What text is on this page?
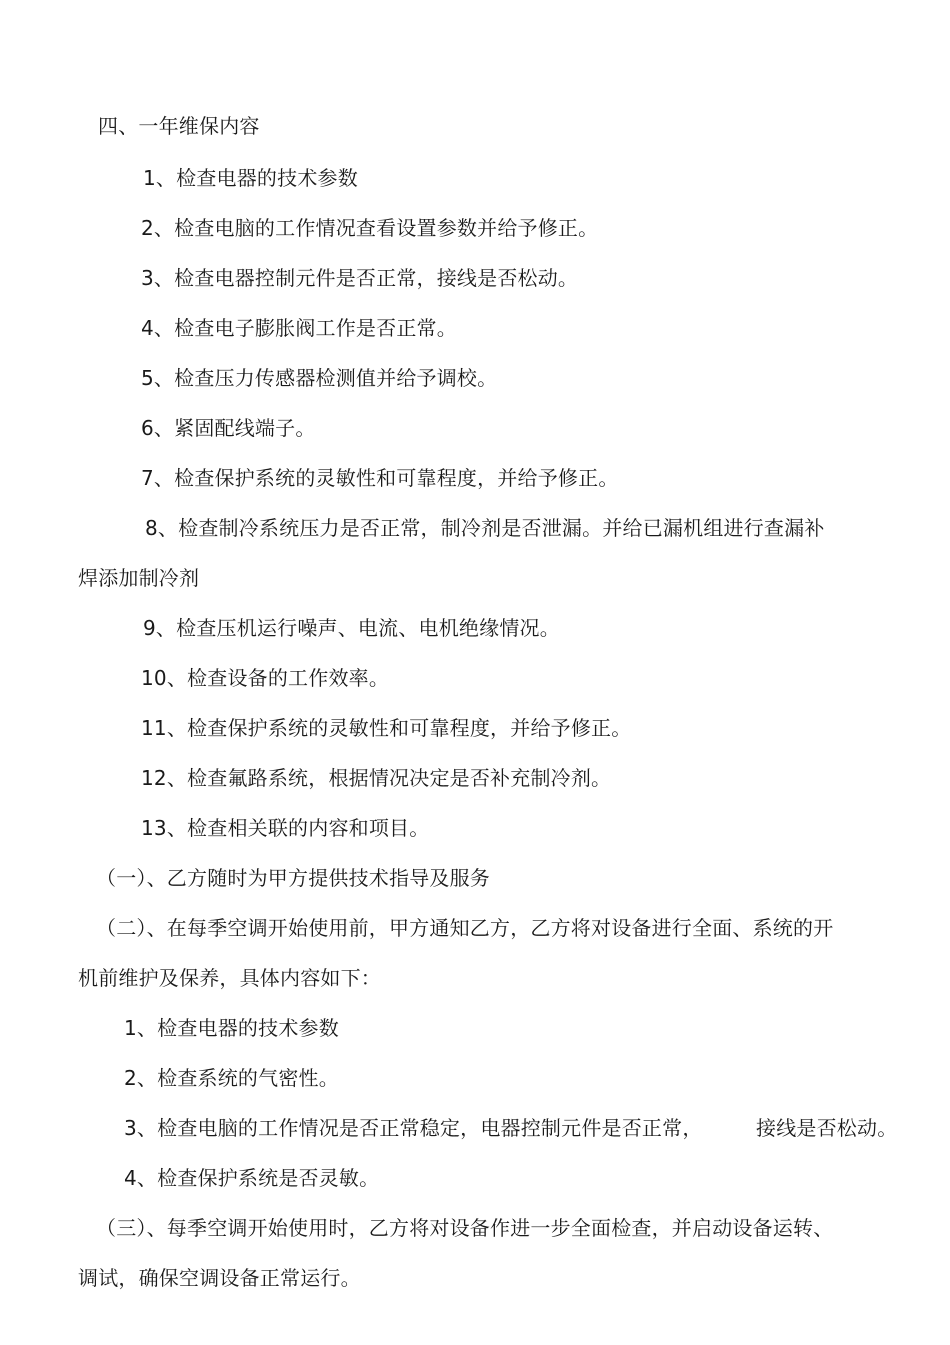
四、一年维保内容
1、检查电器的技术参数
2、检查电脑的工作情况查看设置参数并给予修正。
3、检查电器控制元件是否正常，接线是否松动。
4、检查电子膨胀阀工作是否正常。
5、检查压力传感器检测值并给予调校。
6、紧固配线端子。
7、检查保护系统的灵敏性和可靠程度，并给予修正。
8、检查制冷系统压力是否正常，制冷剂是否泄漏。并给已漏机组进行查漏补
焊添加制冷剂
9、检查压机运行噪声、电流、电机绝缘情况。
10、检查设备的工作效率。
11、检查保护系统的灵敏性和可靠程度，并给予修正。
12、检查氟路系统，根据情况决定是否补充制冷剂。
13、检查相关联的内容和项目。
（一）、乙方随时为甲方提供技术指导及服务
（二）、在每季空调开始使用前，甲方通知乙方，乙方将对设备进行全面、系统的开
机前维护及保养，具体内容如下：
1、检查电器的技术参数
2、检查系统的气密性。
3、检查电脑的工作情况是否正常稳定，电器控制元件是否正常，	接线是否松动。
4、检查保护系统是否灵敏。
（三）、每季空调开始使用时，乙方将对设备作进一步全面检查，并启动设备运转、
调试，确保空调设备正常运行。
